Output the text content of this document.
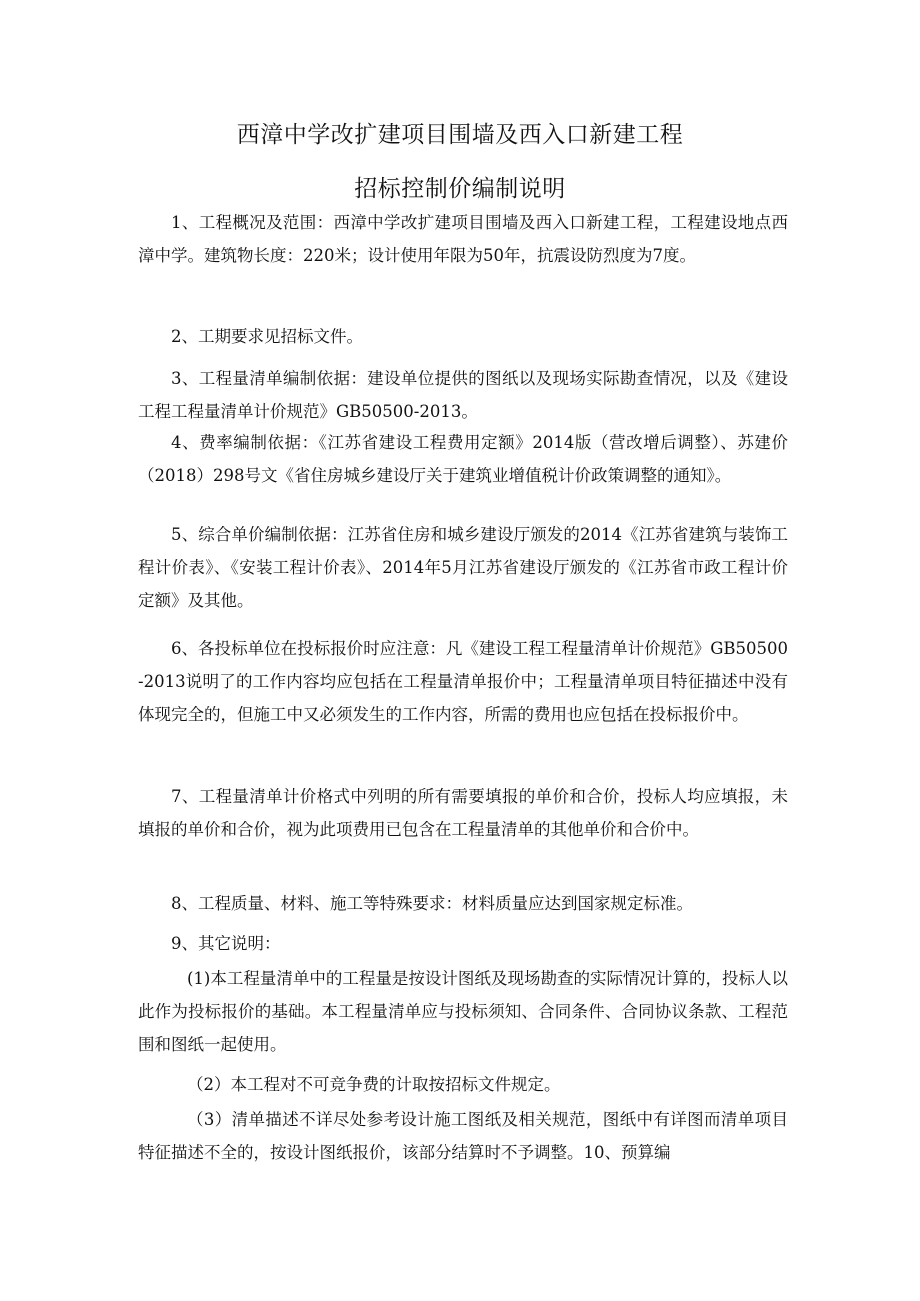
西漳中学改扩建项目围墙及西入口新建工程
招标控制价编制说明

1、工程概况及范围：西漳中学改扩建项目围墙及西入口新建工程，工程建设地点西漳中学。建筑物长度：220米；设计使用年限为50年，抗震设防烈度为7度。

2、工期要求见招标文件。

3、工程量清单编制依据：建设单位提供的图纸以及现场实际勘查情况，以及《建设工程工程量清单计价规范》GB50500-2013。

4、费率编制依据：《江苏省建设工程费用定额》2014版（营改增后调整）、苏建价（2018）298号文《省住房城乡建设厅关于建筑业增值税计价政策调整的通知》。

5、综合单价编制依据：江苏省住房和城乡建设厅颁发的2014《江苏省建筑与装饰工程计价表》、《安装工程计价表》、2014年5月江苏省建设厅颁发的《江苏省市政工程计价定额》及其他。

6、各投标单位在投标报价时应注意：凡《建设工程工程量清单计价规范》GB50500-2013说明了的工作内容均应包括在工程量清单报价中；工程量清单项目特征描述中没有体现完全的，但施工中又必须发生的工作内容，所需的费用也应包括在投标报价中。

7、工程量清单计价格式中列明的所有需要填报的单价和合价，投标人均应填报，未填报的单价和合价，视为此项费用已包含在工程量清单的其他单价和合价中。

8、工程质量、材料、施工等特殊要求：材料质量应达到国家规定标准。

9、其它说明：

(1)本工程量清单中的工程量是按设计图纸及现场勘查的实际情况计算的，投标人以此作为投标报价的基础。本工程量清单应与投标须知、合同条件、合同协议条款、工程范围和图纸一起使用。

（2）本工程对不可竞争费的计取按招标文件规定。

（3）清单描述不详尽处参考设计施工图纸及相关规范，图纸中有详图而清单项目特征描述不全的，按设计图纸报价，该部分结算时不予调整。10、预算编
